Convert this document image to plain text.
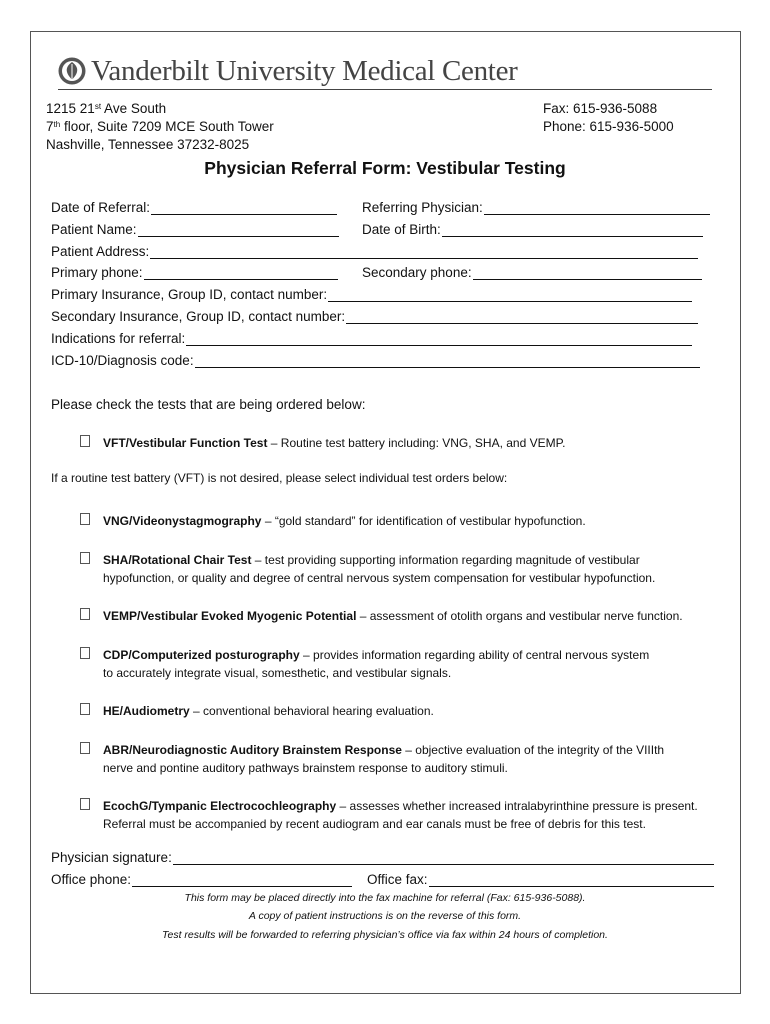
Vanderbilt University Medical Center
1215 21st Ave South
7th floor, Suite 7209 MCE South Tower
Nashville, Tennessee 37232-8025
Fax: 615-936-5088
Phone: 615-936-5000
Physician Referral Form: Vestibular Testing
Date of Referral:	Referring Physician:
Patient Name:	Date of Birth:
Patient Address:
Primary phone:	Secondary phone:
Primary Insurance, Group ID, contact number:
Secondary Insurance, Group ID, contact number:
Indications for referral:
ICD-10/Diagnosis code:
Please check the tests that are being ordered below:
VFT/Vestibular Function Test – Routine test battery including: VNG, SHA, and VEMP.
If a routine test battery (VFT) is not desired, please select individual test orders below:
VNG/Videonystagmography – “gold standard” for identification of vestibular hypofunction.
SHA/Rotational Chair Test – test providing supporting information regarding magnitude of vestibular
hypofunction, or quality and degree of central nervous system compensation for vestibular hypofunction.
VEMP/Vestibular Evoked Myogenic Potential – assessment of otolith organs and vestibular nerve function.
CDP/Computerized posturography – provides information regarding ability of central nervous system
to accurately integrate visual, somesthetic, and vestibular signals.
HE/Audiometry – conventional behavioral hearing evaluation.
ABR/Neurodiagnostic Auditory Brainstem Response – objective evaluation of the integrity of the VIIIth
nerve and pontine auditory pathways brainstem response to auditory stimuli.
EcochG/Tympanic Electrocochleography – assesses whether increased intralabyrinthine pressure is present.
Referral must be accompanied by recent audiogram and ear canals must be free of debris for this test.
Physician signature:
Office phone:	Office fax:
This form may be placed directly into the fax machine for referral (Fax: 615-936-5088).
A copy of patient instructions is on the reverse of this form.
Test results will be forwarded to referring physician’s office via fax within 24 hours of completion.
